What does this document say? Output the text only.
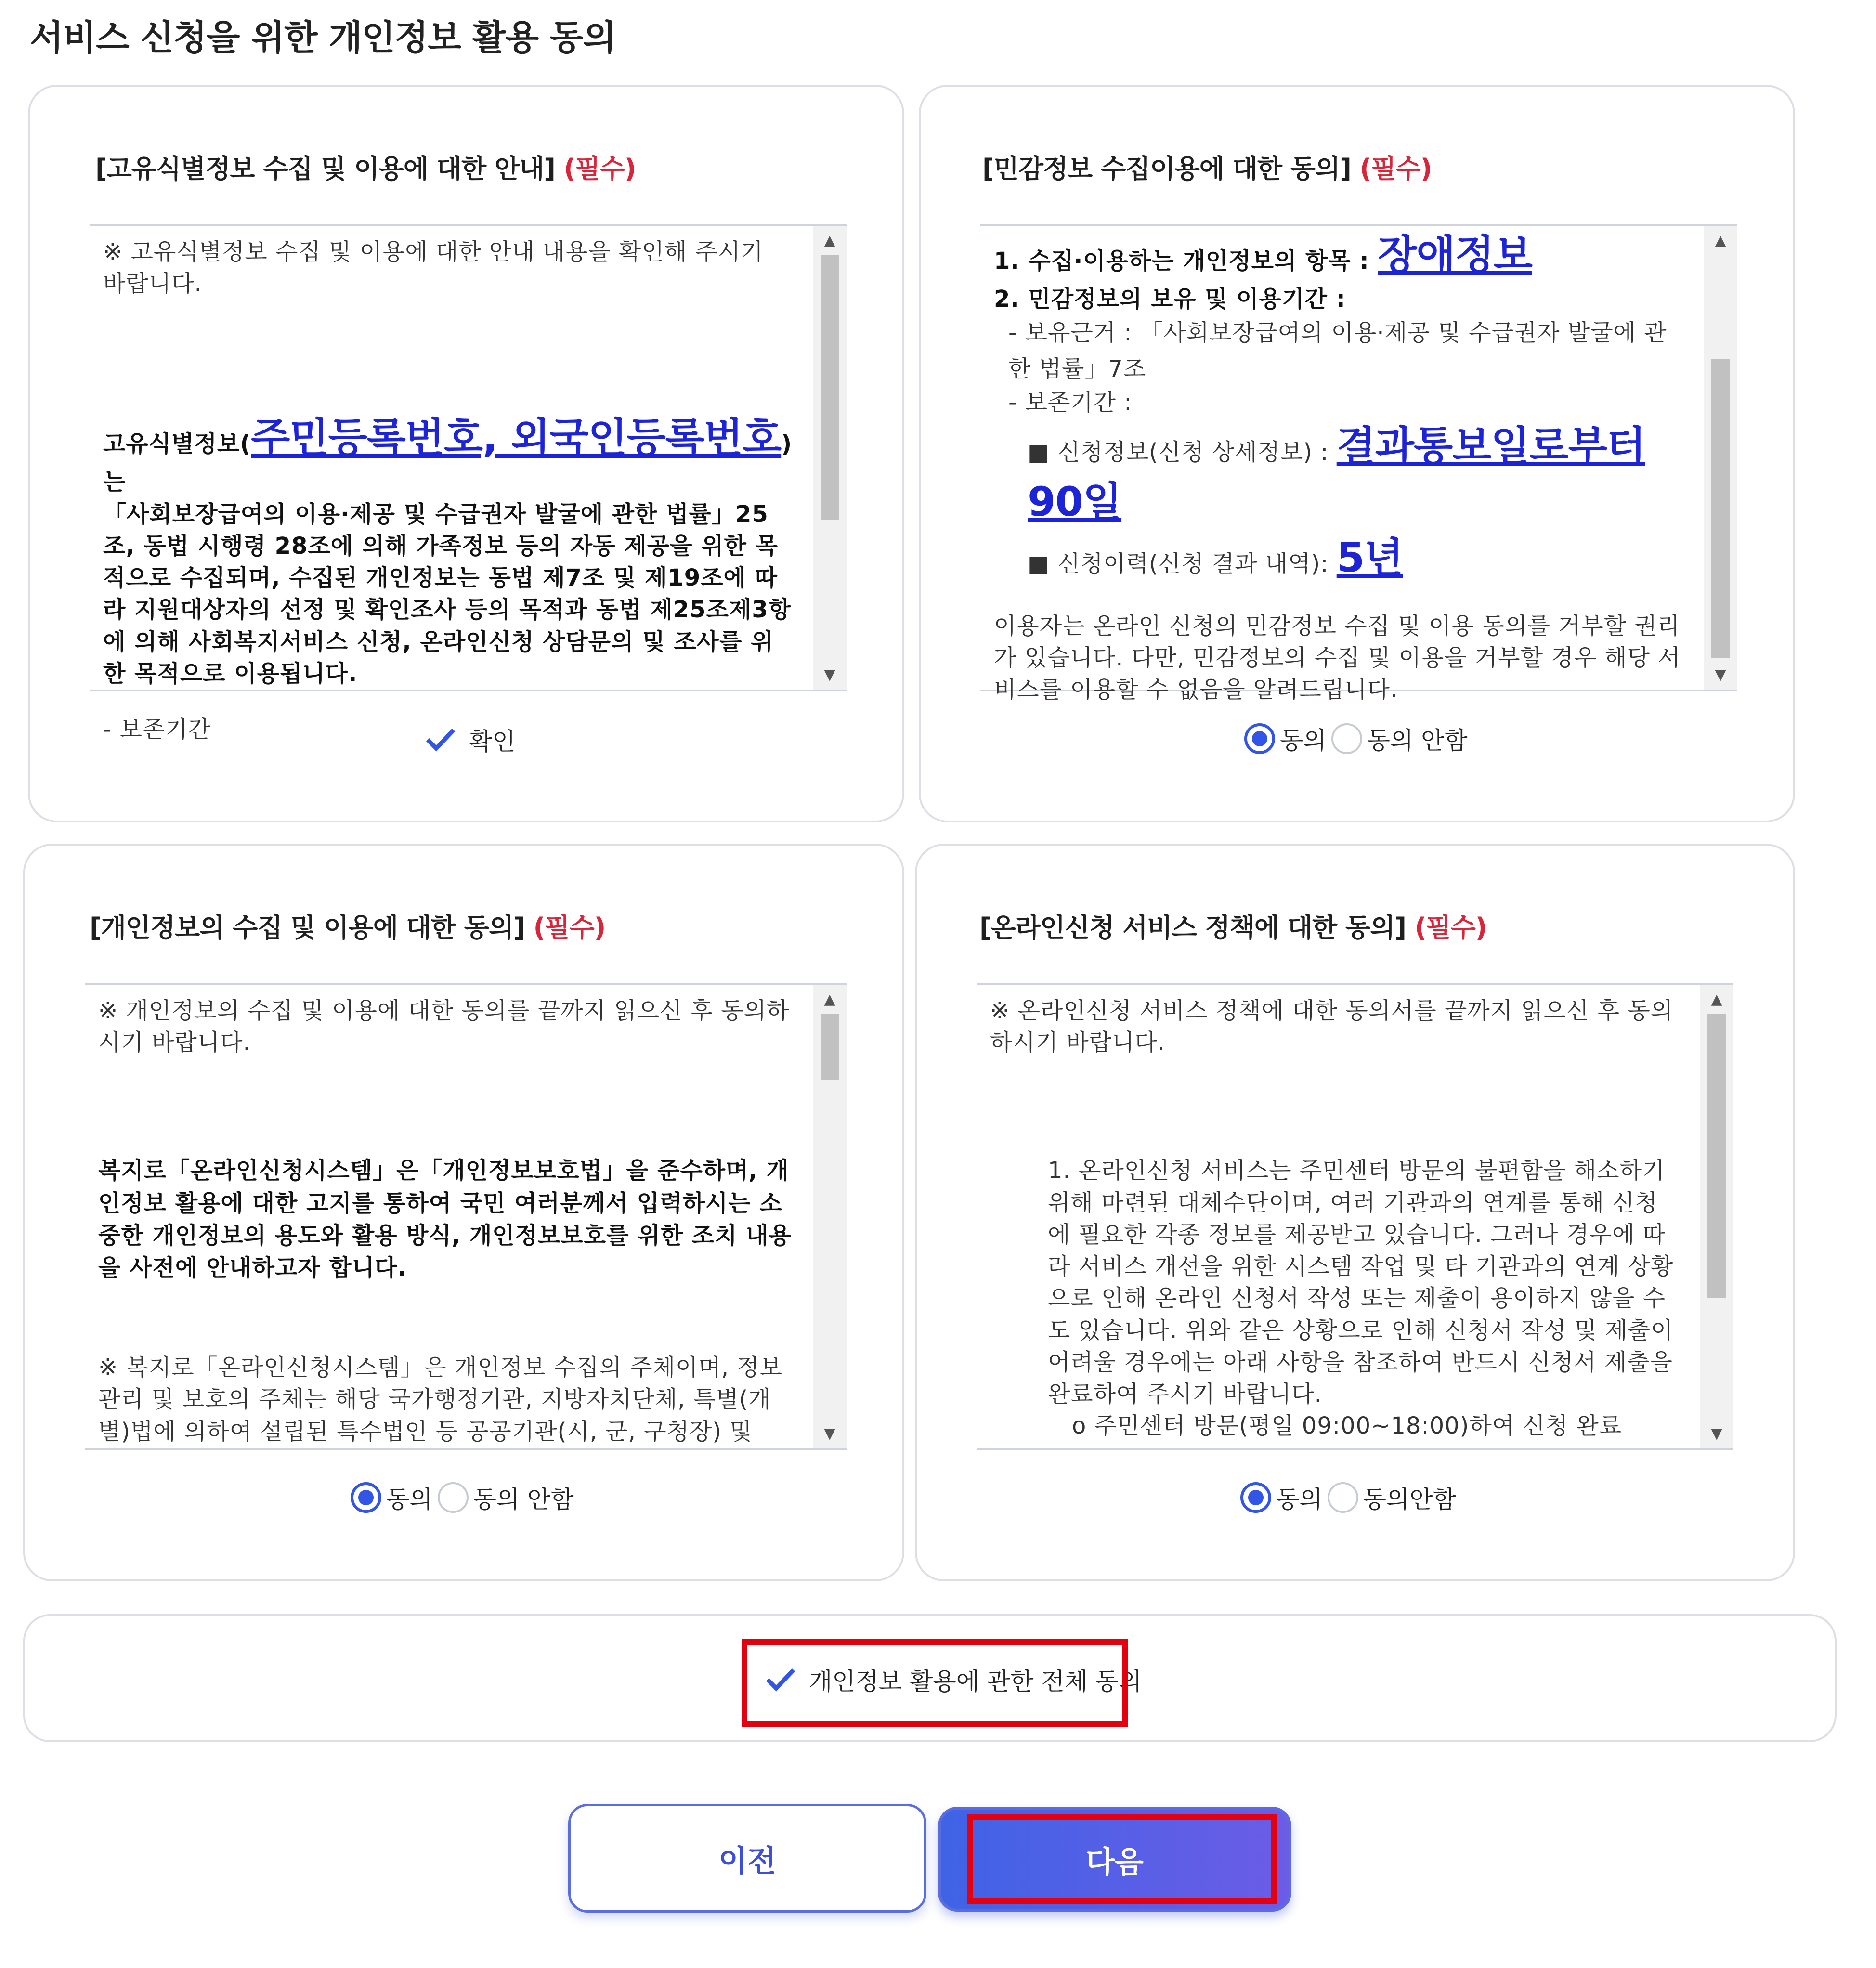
서비스 신청을 위한 개인정보 활용 동의
[고유식별정보 수집 및 이용에 대한 안내] (필수)

※ 고유식별정보 수집 및 이용에 대한 안내 내용을 확인해 주시기 바랍니다.

고유식별정보(주민등록번호, 외국인등록번호)는
「사회보장급여의 이용·제공 및 수급권자 발굴에 관한 법률」25조, 동법 시행령 28조에 의해 가족정보 등의 자동 제공을 위한 목적으로 수집되며, 수집된 개인정보는 동법 제7조 및 제19조에 따라 지원대상자의 선정 및 확인조사 등의 목적과 동법 제25조제3항에 의해 사회복지서비스 신청, 온라인신청 상담문의 및 조사를 위한 목적으로 이용됩니다.

- 보존기간

▲
▼
확인
[민감정보 수집이용에 대한 동의] (필수)

1. 수집·이용하는 개인정보의 항목 : 장애정보

2. 민감정보의 보유 및 이용기간 :

- 보유근거 : 「사회보장급여의 이용·제공 및 수급권자 발굴에 관한 법률」7조

- 보존기간 :

■ 신청정보(신청 상세정보) : 결과통보일로부터 90일

■ 신청이력(신청 결과 내역): 5년

이용자는 온라인 신청의 민감정보 수집 및 이용 동의를 거부할 권리가 있습니다. 다만, 민감정보의 수집 및 이용을 거부할 경우 해당 서비스를 이용할 수 없음을 알려드립니다.

▲
▼
동의 동의 안함
[개인정보의 수집 및 이용에 대한 동의] (필수)

※ 개인정보의 수집 및 이용에 대한 동의를 끝까지 읽으신 후 동의하시기 바랍니다.

복지로「온라인신청시스템」은「개인정보보호법」을 준수하며, 개인정보 활용에 대한 고지를 통하여 국민 여러분께서 입력하시는 소중한 개인정보의 용도와 활용 방식, 개인정보보호를 위한 조치 내용을 사전에 안내하고자 합니다.

※ 복지로「온라인신청시스템」은 개인정보 수집의 주체이며, 정보관리 및 보호의 주체는 해당 국가행정기관, 지방자치단체, 특별(개별)법에 의하여 설립된 특수법인 등 공공기관(시, 군, 구청장) 및

▲
▼
동의 동의 안함
[온라인신청 서비스 정책에 대한 동의] (필수)

※ 온라인신청 서비스 정책에 대한 동의서를 끝까지 읽으신 후 동의하시기 바랍니다.

1. 온라인신청 서비스는 주민센터 방문의 불편함을 해소하기 위해 마련된 대체수단이며, 여러 기관과의 연계를 통해 신청에 필요한 각종 정보를 제공받고 있습니다. 그러나 경우에 따라 서비스 개선을 위한 시스템 작업 및 타 기관과의 연계 상황으로 인해 온라인 신청서 작성 또는 제출이 용이하지 않을 수도 있습니다. 위와 같은 상황으로 인해 신청서 작성 및 제출이 어려울 경우에는 아래 사항을 참조하여 반드시 신청서 제출을 완료하여 주시기 바랍니다.

o 주민센터 방문(평일 09:00~18:00)하여 신청 완료

▲
▼
동의 동의안함
개인정보 활용에 관한 전체 동의
이전	다음
